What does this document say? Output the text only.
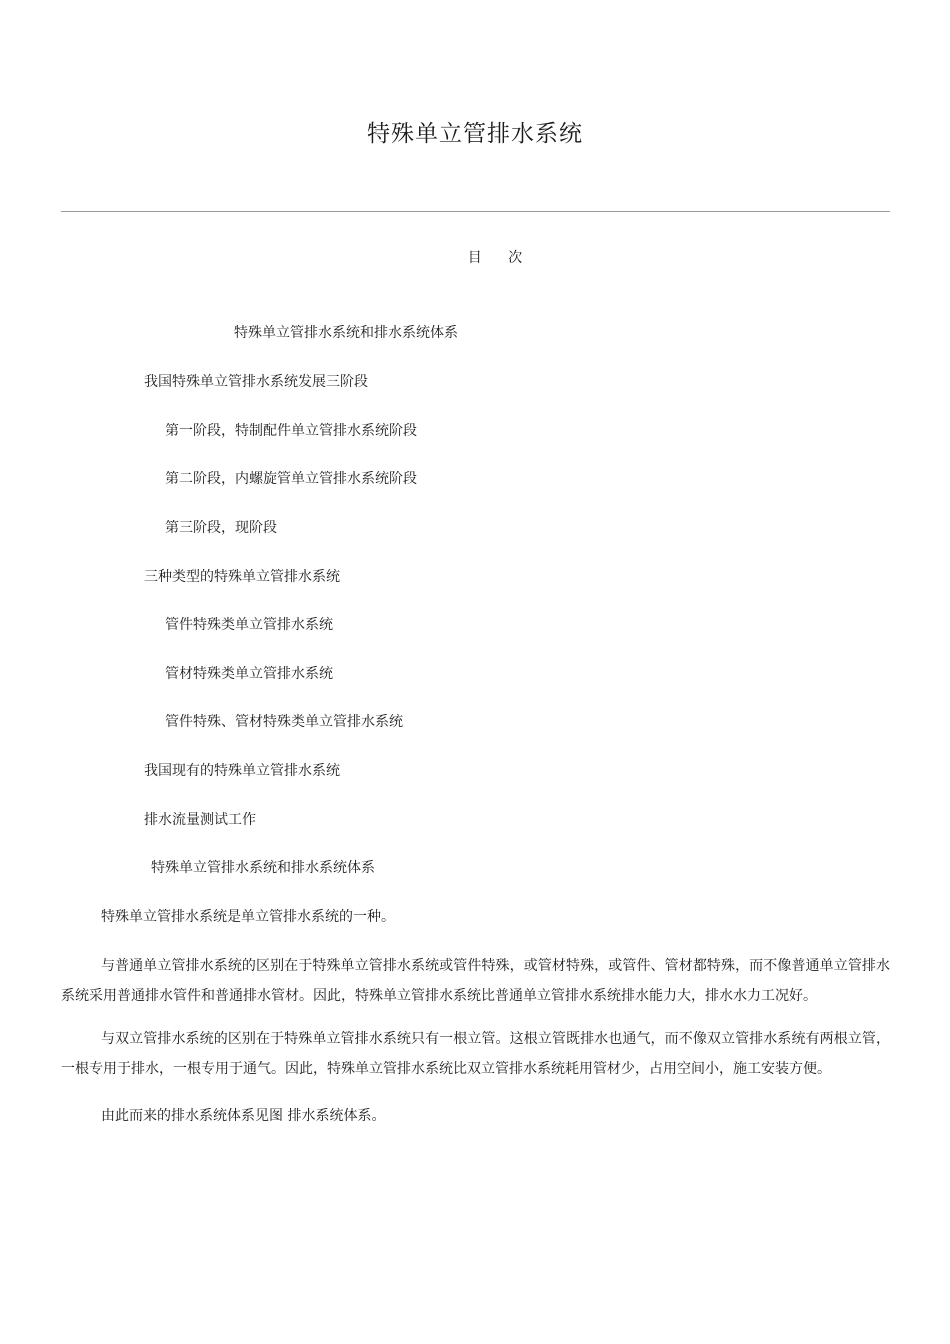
特殊单立管排水系统
目 次
特殊单立管排水系统和排水系统体系
我国特殊单立管排水系统发展三阶段
第一阶段，特制配件单立管排水系统阶段
第二阶段，内螺旋管单立管排水系统阶段
第三阶段，现阶段
三种类型的特殊单立管排水系统
管件特殊类单立管排水系统
管材特殊类单立管排水系统
管件特殊、管材特殊类单立管排水系统
我国现有的特殊单立管排水系统
排水流量测试工作
特殊单立管排水系统和排水系统体系
特殊单立管排水系统是单立管排水系统的一种。
与普通单立管排水系统的区别在于特殊单立管排水系统或管件特殊，或管材特殊，或管件、管材都特殊，而不像普通单立管排水系统采用普通排水管件和普通排水管材。因此，特殊单立管排水系统比普通单立管排水系统排水能力大，排水水力工况好。
与双立管排水系统的区别在于特殊单立管排水系统只有一根立管。这根立管既排水也通气，而不像双立管排水系统有两根立管，一根专用于排水，一根专用于通气。因此，特殊单立管排水系统比双立管排水系统耗用管材少，占用空间小，施工安装方便。
由此而来的排水系统体系见图 排水系统体系。
